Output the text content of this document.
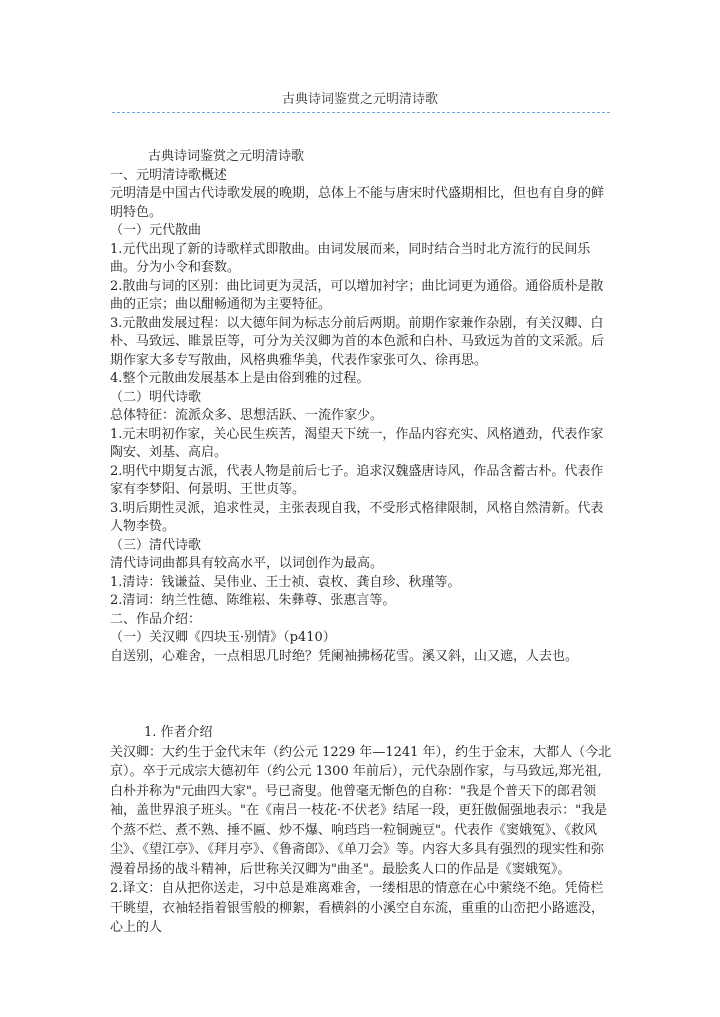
古典诗词鉴赏之元明清诗歌

古典诗词鉴赏之元明清诗歌

一、元明清诗歌概述

元明清是中国古代诗歌发展的晚期，总体上不能与唐宋时代盛期相比，但也有自身的鲜明特色。

（一）元代散曲

1.元代出现了新的诗歌样式即散曲。由词发展而来，同时结合当时北方流行的民间乐曲。分为小令和套数。

2.散曲与词的区别：曲比词更为灵活，可以增加衬字；曲比词更为通俗。通俗质朴是散曲的正宗；曲以酣畅通彻为主要特征。

3.元散曲发展过程：以大德年间为标志分前后两期。前期作家兼作杂剧，有关汉卿、白朴、马致远、睢景臣等，可分为关汉卿为首的本色派和白朴、马致远为首的文采派。后期作家大多专写散曲，风格典雅华美，代表作家张可久、徐再思。

4.整个元散曲发展基本上是由俗到雅的过程。

（二）明代诗歌

总体特征：流派众多、思想活跃、一流作家少。

1.元末明初作家，关心民生疾苦，渴望天下统一，作品内容充实、风格遒劲，代表作家陶安、刘基、高启。

2.明代中期复古派，代表人物是前后七子。追求汉魏盛唐诗风，作品含蓄古朴。代表作家有李梦阳、何景明、王世贞等。

3.明后期性灵派，追求性灵，主张表现自我，不受形式格律限制，风格自然清新。代表人物李贽。

（三）清代诗歌

清代诗词曲都具有较高水平，以词创作为最高。

1.清诗：钱谦益、吴伟业、王士祯、袁枚、龚自珍、秋瑾等。

2.清词：纳兰性德、陈维崧、朱彝尊、张惠言等。

二、作品介绍：

（一）关汉卿《四块玉·别情》（p410）

自送别，心难舍，一点相思几时绝？凭阑袖拂杨花雪。溪又斜，山又遮，人去也。

1. 作者介绍

关汉卿：大约生于金代末年（约公元 1229 年—1241 年），约生于金末，大都人（今北京）。卒于元成宗大德初年（约公元 1300 年前后），元代杂剧作家，与马致远,郑光祖,白朴并称为"元曲四大家"。号已斋叟。他曾毫无惭色的自称："我是个普天下的郎君领袖，盖世界浪子班头。"在《南吕一枝花·不伏老》结尾一段，更狂傲倔强地表示："我是个蒸不烂、煮不熟、捶不匾、炒不爆、响珰珰一粒铜豌豆"。代表作《窦娥冤》、《救风尘》、《望江亭》、《拜月亭》、《鲁斋郎》、《单刀会》等。内容大多具有强烈的现实性和弥漫着昂扬的战斗精神，后世称关汉卿为"曲圣"。最脍炙人口的作品是《窦娥冤》。

2.译文：自从把你送走，习中总是难离难舍，一缕相思的情意在心中萦绕不绝。凭倚栏干眺望，衣袖轻指着银雪般的柳絮，看横斜的小溪空自东流，重重的山峦把小路遮没，心上的人
